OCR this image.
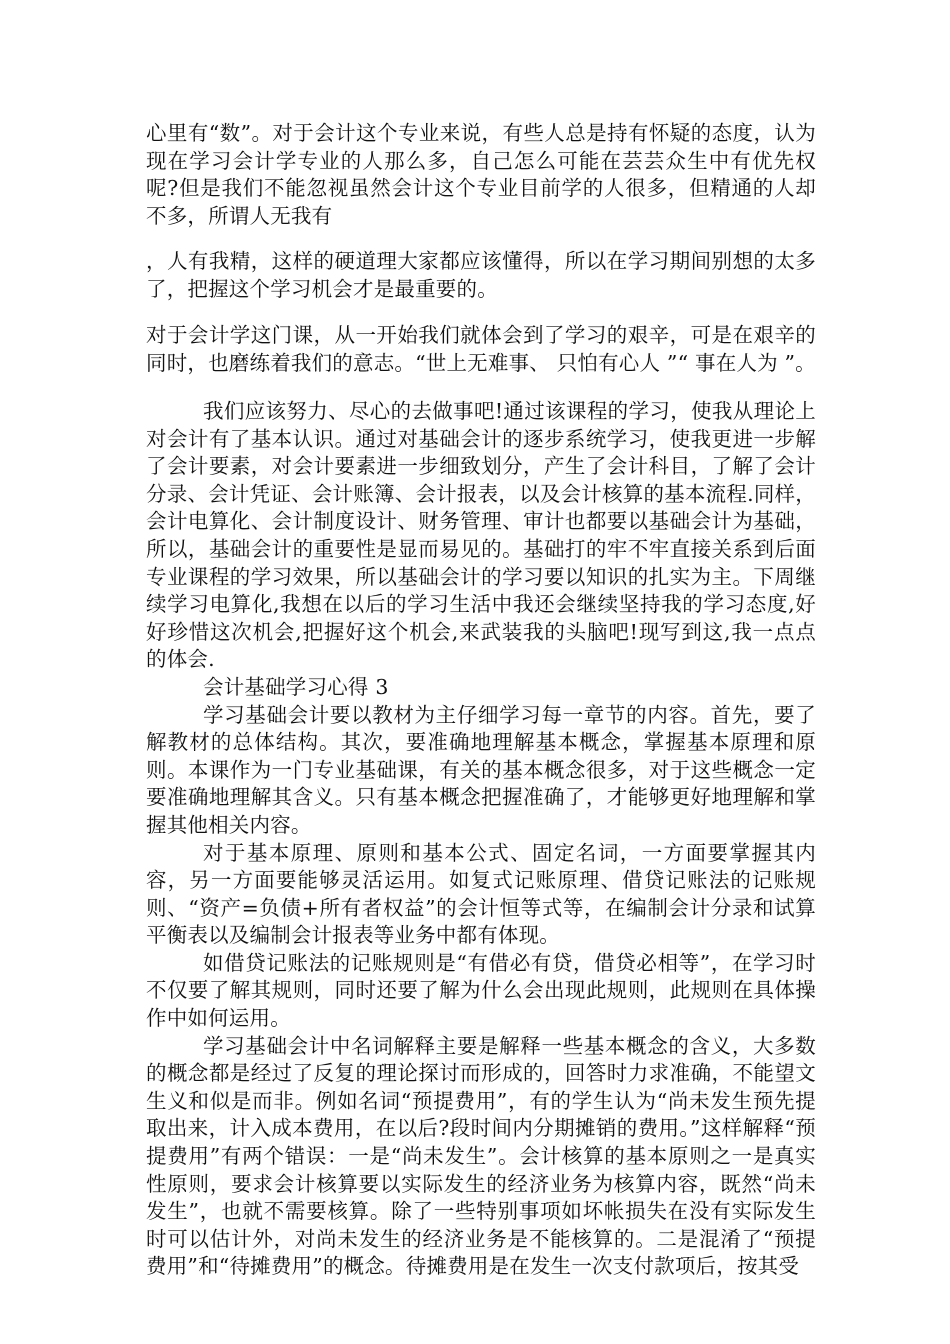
心里有“数”。对于会计这个专业来说，有些人总是持有怀疑的态度，认为现在学习会计学专业的人那么多，自己怎么可能在芸芸众生中有优先权呢?但是我们不能忽视虽然会计这个专业目前学的人很多，但精通的人却不多，所谓人无我有

，人有我精，这样的硬道理大家都应该懂得，所以在学习期间别想的太多了，把握这个学习机会才是最重要的。

对于会计学这门课，从一开始我们就体会到了学习的艰辛，可是在艰辛的同时，也磨练着我们的意志。“世上无难事、 只怕有心人 ”“ 事在人为 ”。

我们应该努力、尽心的去做事吧!通过该课程的学习，使我从理论上对会计有了基本认识。通过对基础会计的逐步系统学习，使我更进一步解了会计要素，对会计要素进一步细致划分，产生了会计科目，了解了会计分录、会计凭证、会计账簿、会计报表，以及会计核算的基本流程.同样，会计电算化、会计制度设计、财务管理、审计也都要以基础会计为基础，所以，基础会计的重要性是显而易见的。基础打的牢不牢直接关系到后面专业课程的学习效果，所以基础会计的学习要以知识的扎实为主。下周继续学习电算化,我想在以后的学习生活中我还会继续坚持我的学习态度,好好珍惜这次机会,把握好这个机会,来武装我的头脑吧!现写到这,我一点点的体会.

会计基础学习心得 3

学习基础会计要以教材为主仔细学习每一章节的内容。首先，要了解教材的总体结构。其次，要准确地理解基本概念，掌握基本原理和原则。本课作为一门专业基础课，有关的基本概念很多，对于这些概念一定要准确地理解其含义。只有基本概念把握准确了，才能够更好地理解和掌握其他相关内容。

对于基本原理、原则和基本公式、固定名词，一方面要掌握其内容，另一方面要能够灵活运用。如复式记账原理、借贷记账法的记账规则、“资产=负债+所有者权益”的会计恒等式等，在编制会计分录和试算平衡表以及编制会计报表等业务中都有体现。

如借贷记账法的记账规则是“有借必有贷，借贷必相等”，在学习时不仅要了解其规则，同时还要了解为什么会出现此规则，此规则在具体操作中如何运用。

学习基础会计中名词解释主要是解释一些基本概念的含义，大多数的概念都是经过了反复的理论探讨而形成的，回答时力求准确，不能望文生义和似是而非。例如名词“预提费用”，有的学生认为“尚未发生预先提取出来，计入成本费用，在以后?段时间内分期摊销的费用。”这样解释“预提费用”有两个错误：一是“尚未发生”。会计核算的基本原则之一是真实性原则，要求会计核算要以实际发生的经济业务为核算内容，既然“尚未发生”，也就不需要核算。除了一些特别事项如坏帐损失在没有实际发生时可以估计外，对尚未发生的经济业务是不能核算的。二是混淆了“预提费用”和“待摊费用”的概念。待摊费用是在发生一次支付款项后，按其受
